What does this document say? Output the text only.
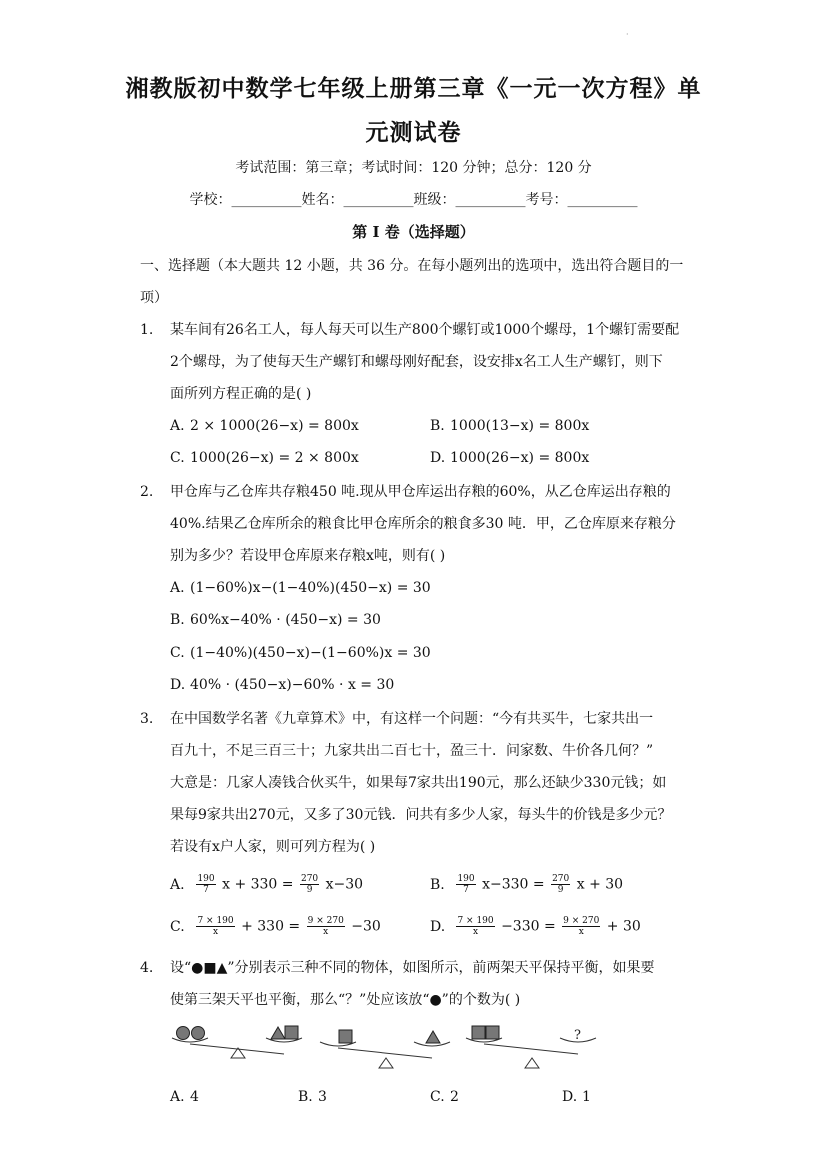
·
湘教版初中数学七年级上册第三章《一元一次方程》单
元测试卷
考试范围：第三章；考试时间：120 分钟；总分：120 分
学校：__________姓名：__________班级：__________考号：__________
第 I 卷（选择题）
一、选择题（本大题共 12 小题，共 36 分。在每小题列出的选项中，选出符合题目的一项）
1.	某车间有26名工人，每人每天可以生产800个螺钉或1000个螺母，1个螺钉需要配
2个螺母，为了使每天生产螺钉和螺母刚好配套，设安排x名工人生产螺钉，则下
面所列方程正确的是( )
A. 2 × 1000(26−x) = 800x	B. 1000(13−x) = 800x
C. 1000(26−x) = 2 × 800x	D. 1000(26−x) = 800x
2.	甲仓库与乙仓库共存粮450 吨.现从甲仓库运出存粮的60%，从乙仓库运出存粮的
40%.结果乙仓库所余的粮食比甲仓库所余的粮食多30 吨．甲，乙仓库原来存粮分
别为多少？若设甲仓库原来存粮x吨，则有( )
A. (1−60%)x−(1−40%)(450−x) = 30
B. 60%x−40% · (450−x) = 30
C. (1−40%)(450−x)−(1−60%)x = 30
D. 40% · (450−x)−60% · x = 30
3.	在中国数学名著《九章算术》中，有这样一个问题：“今有共买牛，七家共出一
百九十，不足三百三十；九家共出二百七十，盈三十．问家数、牛价各几何？”
大意是：几家人凑钱合伙买牛，如果每7家共出190元，那么还缺少330元钱；如
果每9家共出270元，又多了30元钱．问共有多少人家，每头牛的价钱是多少元？
若设有x户人家，则可列方程为( )
A. $\frac{190}{7}$ $x + 330 = \frac{270}{9} x-30$	B. $\frac{190}{7} x-330 = \frac{270}{9}$ x + 30
C. $\frac{7 \times 190}{x} + 330 = \frac{9 \times 270}{x} -30$	D. $\frac{7 \times 190}{x} -330 = \frac{9 \times 270}{x} + 30$
4.	设“●■▲”分别表示三种不同的物体，如图所示，前两架天平保持平衡，如果要
使第三架天平也平衡，那么“？”处应该放“●”的个数为( )
?
A. 4	B. 3	C. 2	D. 1
